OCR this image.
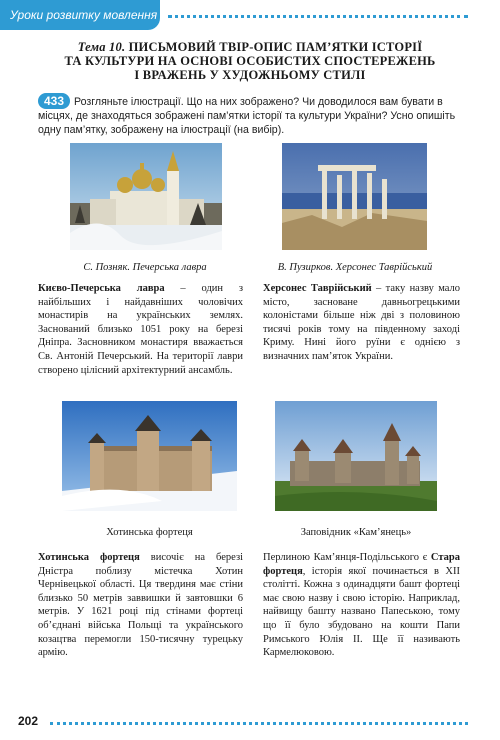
Уроки розвитку мовлення
Тема 10. ПИСЬМОВИЙ ТВІР-ОПИС ПАМ’ЯТКИ ІСТОРІЇ
ТА КУЛЬТУРИ НА ОСНОВІ ОСОБИСТИХ СПОСТЕРЕЖЕНЬ
І ВРАЖЕНЬ У ХУДОЖНЬОМУ СТИЛІ
433 Розгляньте ілюстрації. Що на них зображено? Чи доводилося вам бувати в місцях, де знаходяться зображені пам’ятки історії та культури України? Усно опишіть одну пам’ятку, зображену на ілюстрації (на вибір).
С. Позняк. Печерська лавра
Києво-Печерська лавра – один з найбільших і найдавніших чоловічих монастирів на українських землях. Заснований близько 1051 року на березі Дніпра. Засновником монастиря вважається Св. Антоній Печерський. На території лаври створено цілісний архітектурний ансамбль.
В. Пузирков. Херсонес Таврійський
Херсонес Таврійський – таку назву мало місто, засноване давньогрецькими колоністами більше ніж дві з половиною тисячі років тому на південному заході Криму. Нині його руїни є однією з визначних пам’яток України.
Хотинська фортеця
Хотинська фортеця височіє на березі Дністра поблизу містечка Хотин Чернівецької області. Ця твердиня має стіни близько 50 метрів заввишки й завтовшки 6 метрів. У 1621 році під стінами фортеці об’єднані війська Польщі та українського козацтва перемогли 150-тисячну турецьку армію.
Заповідник «Кам’янець»
Перлиною Кам’янця-Подільського є Стара фортеця, історія якої починається в XII столітті. Кожна з одинадцяти башт фортеці має свою назву і свою історію. Наприклад, найвищу башту названо Папеською, тому що її було збудовано на кошти Папи Римського Юлія II. Ще її називають Кармелюковою.
202
